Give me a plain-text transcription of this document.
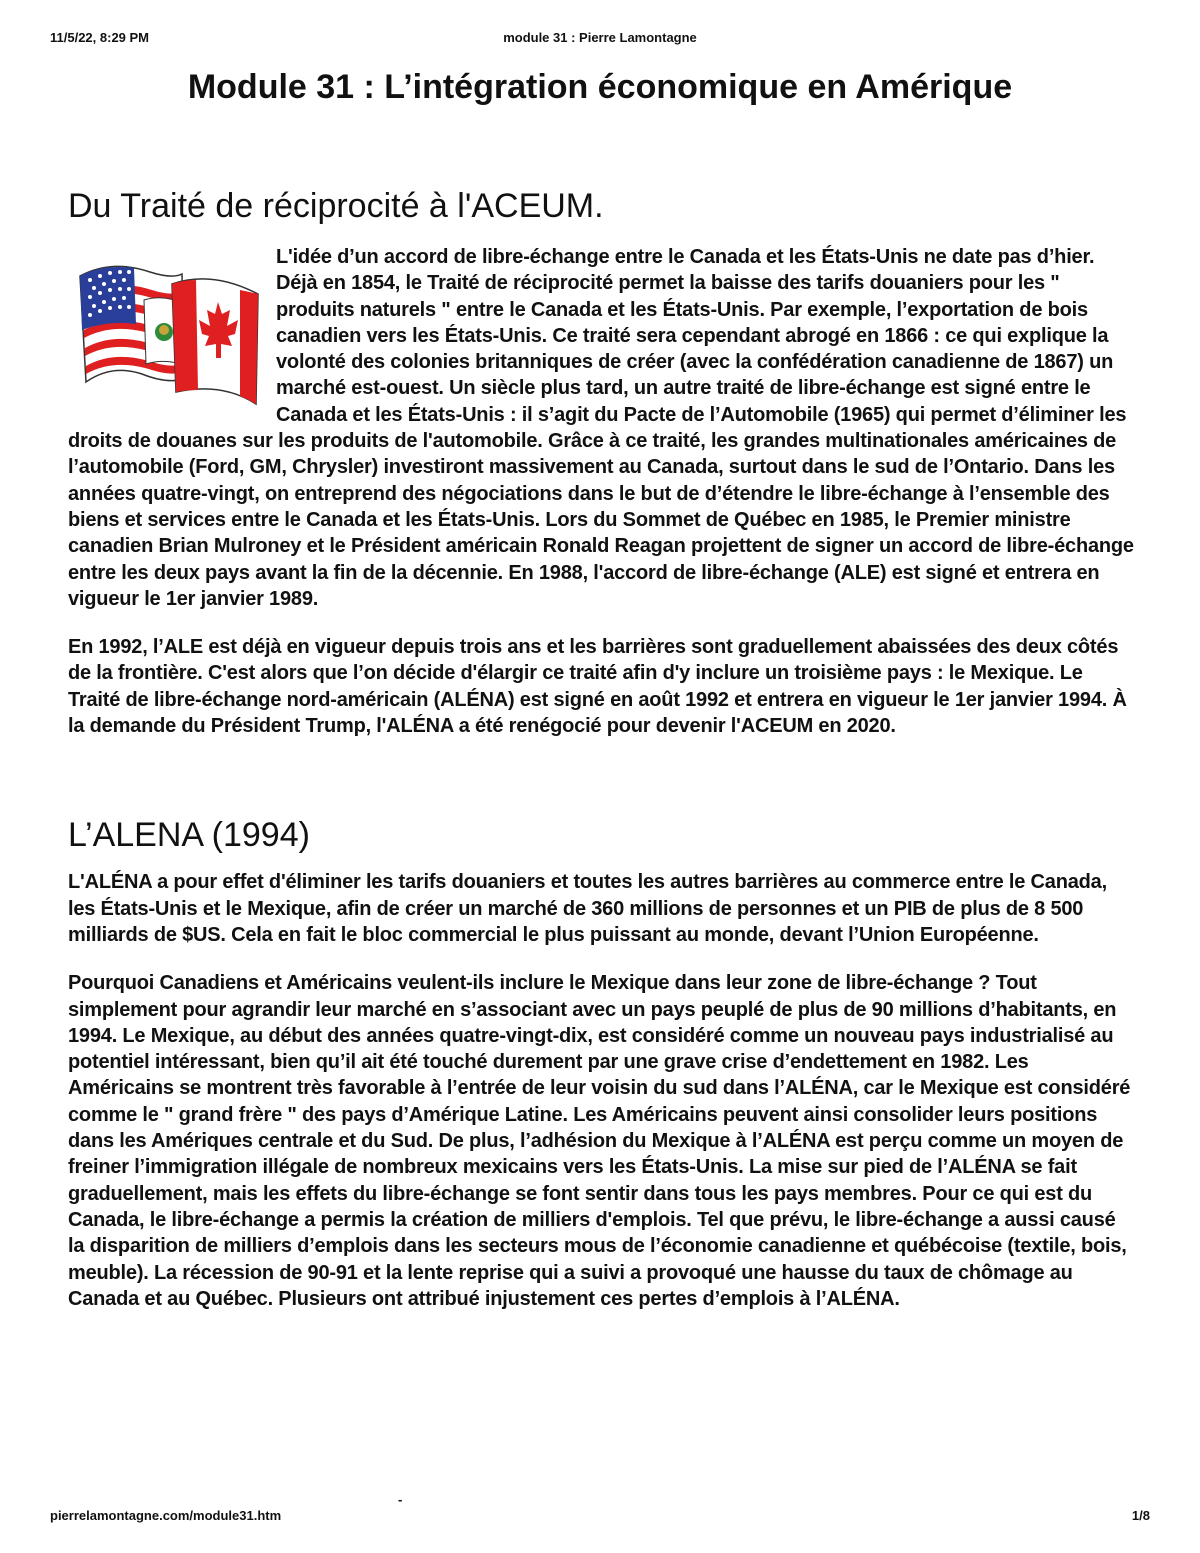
11/5/22, 8:29 PM	module 31 : Pierre Lamontagne
Module 31 : L’intégration économique en Amérique
Du Traité de réciprocité à l'ACEUM.

L'idée d’un accord de libre-échange entre le Canada et les États-Unis ne date pas d’hier. Déjà en 1854, le Traité de réciprocité permet la baisse des tarifs douaniers pour les " produits naturels " entre le Canada et les États-Unis. Par exemple, l’exportation de bois canadien vers les États-Unis. Ce traité sera cependant abrogé en 1866 : ce qui explique la volonté des colonies britanniques de créer (avec la confédération canadienne de 1867) un marché est-ouest. Un siècle plus tard, un autre traité de libre-échange est signé entre le Canada et les États-Unis : il s’agit du Pacte de l’Automobile (1965) qui permet d’éliminer les droits de douanes sur les produits de l'automobile. Grâce à ce traité, les grandes multinationales américaines de l’automobile (Ford, GM, Chrysler) investiront massivement au Canada, surtout dans le sud de l’Ontario. Dans les années quatre-vingt, on entreprend des négociations dans le but de d’étendre le libre-échange à l’ensemble des biens et services entre le Canada et les États-Unis. Lors du Sommet de Québec en 1985, le Premier ministre canadien Brian Mulroney et le Président américain Ronald Reagan projettent de signer un accord de libre-échange entre les deux pays avant la fin de la décennie. En 1988, l'accord de libre-échange (ALE) est signé et entrera en vigueur le 1er janvier 1989.

En 1992, l’ALE est déjà en vigueur depuis trois ans et les barrières sont graduellement abaissées des deux côtés de la frontière. C'est alors que l’on décide d'élargir ce traité afin d'y inclure un troisième pays : le Mexique. Le Traité de libre-échange nord-américain (ALÉNA) est signé en août 1992 et entrera en vigueur le 1er janvier 1994. À la demande du Président Trump, l'ALÉNA a été renégocié pour devenir l'ACEUM en 2020.

L’ALENA (1994)

L'ALÉNA a pour effet d'éliminer les tarifs douaniers et toutes les autres barrières au commerce entre le Canada, les États-Unis et le Mexique, afin de créer un marché de 360 millions de personnes et un PIB de plus de 8 500 milliards de $US. Cela en fait le bloc commercial le plus puissant au monde, devant l’Union Européenne.

Pourquoi Canadiens et Américains veulent-ils inclure le Mexique dans leur zone de libre-échange ? Tout simplement pour agrandir leur marché en s’associant avec un pays peuplé de plus de 90 millions d’habitants, en 1994. Le Mexique, au début des années quatre-vingt-dix, est considéré comme un nouveau pays industrialisé au potentiel intéressant, bien qu’il ait été touché durement par une grave crise d’endettement en 1982. Les Américains se montrent très favorable à l’entrée de leur voisin du sud dans l’ALÉNA, car le Mexique est considéré comme le " grand frère " des pays d’Amérique Latine. Les Américains peuvent ainsi consolider leurs positions dans les Amériques centrale et du Sud. De plus, l’adhésion du Mexique à l’ALÉNA est perçu comme un moyen de freiner l’immigration illégale de nombreux mexicains vers les États-Unis. La mise sur pied de l’ALÉNA se fait graduellement, mais les effets du libre-échange se font sentir dans tous les pays membres. Pour ce qui est du Canada, le libre-échange a permis la création de milliers d'emplois. Tel que prévu, le libre-échange a aussi causé la disparition de milliers d’emplois dans les secteurs mous de l’économie canadienne et québécoise (textile, bois, meuble). La récession de 90-91 et la lente reprise qui a suivi a provoqué une hausse du taux de chômage au Canada et au Québec. Plusieurs ont attribué injustement ces pertes d’emplois à l’ALÉNA.

-
pierrelamontagne.com/module31.htm	1/8
